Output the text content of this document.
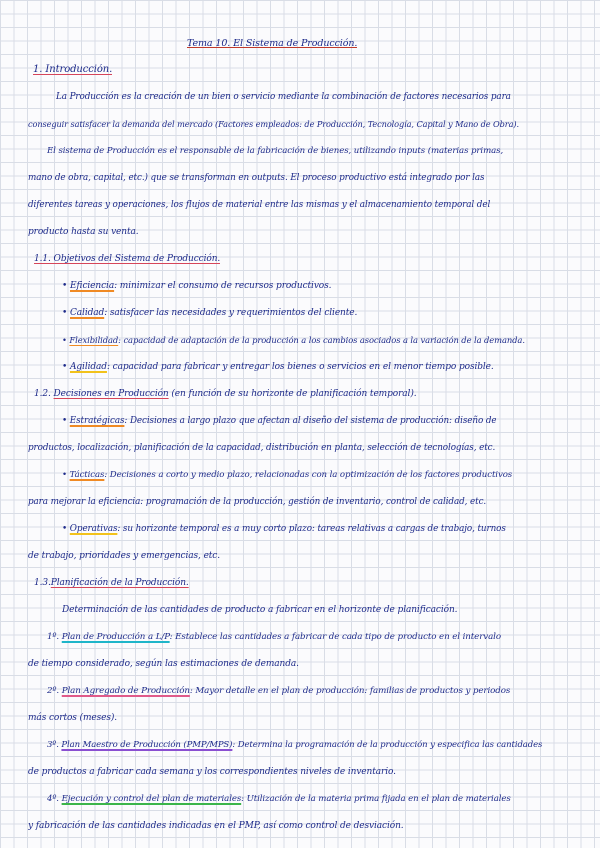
Tema 10. El Sistema de Producción.
1. Introducción.
La Producción es la creación de un bien o servicio mediante la combinación de factores necesarios para
conseguir satisfacer la demanda del mercado (Factores empleados: de Producción, Tecnología, Capital y Mano de Obra).
El sistema de Producción es el responsable de la fabricación de bienes, utilizando inputs (materias primas,
mano de obra, capital, etc.) que se transforman en outputs. El proceso productivo está integrado por las
diferentes tareas y operaciones, los flujos de material entre las mismas y el almacenamiento temporal del
producto hasta su venta.
1.1. Objetivos del Sistema de Producción.
• Eficiencia: minimizar el consumo de recursos productivos.
• Calidad: satisfacer las necesidades y requerimientos del cliente.
• Flexibilidad: capacidad de adaptación de la producción a los cambios asociados a la variación de la demanda.
• Agilidad: capacidad para fabricar y entregar los bienes o servicios en el menor tiempo posible.
1.2. Decisiones en Producción (en función de su horizonte de planificación temporal).
• Estratégicas: Decisiones a largo plazo que afectan al diseño del sistema de producción: diseño de
productos, localización, planificación de la capacidad, distribución en planta, selección de tecnologías, etc.
• Tácticas: Decisiones a corto y medio plazo, relacionadas con la optimización de los factores productivos
para mejorar la eficiencia: programación de la producción, gestión de inventario, control de calidad, etc.
• Operativas: su horizonte temporal es a muy corto plazo: tareas relativas a cargas de trabajo, turnos
de trabajo, prioridades y emergencias, etc.
1.3.Planificación de la Producción.
Determinación de las cantidades de producto a fabricar en el horizonte de planificación.
1º. Plan de Producción a L/P: Establece las cantidades a fabricar de cada tipo de producto en el intervalo
de tiempo considerado, según las estimaciones de demanda.
2º. Plan Agregado de Producción: Mayor detalle en el plan de producción: familias de productos y periodos
más cortos (meses).
3º. Plan Maestro de Producción (PMP/MPS): Determina la programación de la producción y especifica las cantidades
de productos a fabricar cada semana y los correspondientes niveles de inventario.
4º. Ejecución y control del plan de materiales: Utilización de la materia prima fijada en el plan de materiales
y fabricación de las cantidades indicadas en el PMP, así como control de desviación.
